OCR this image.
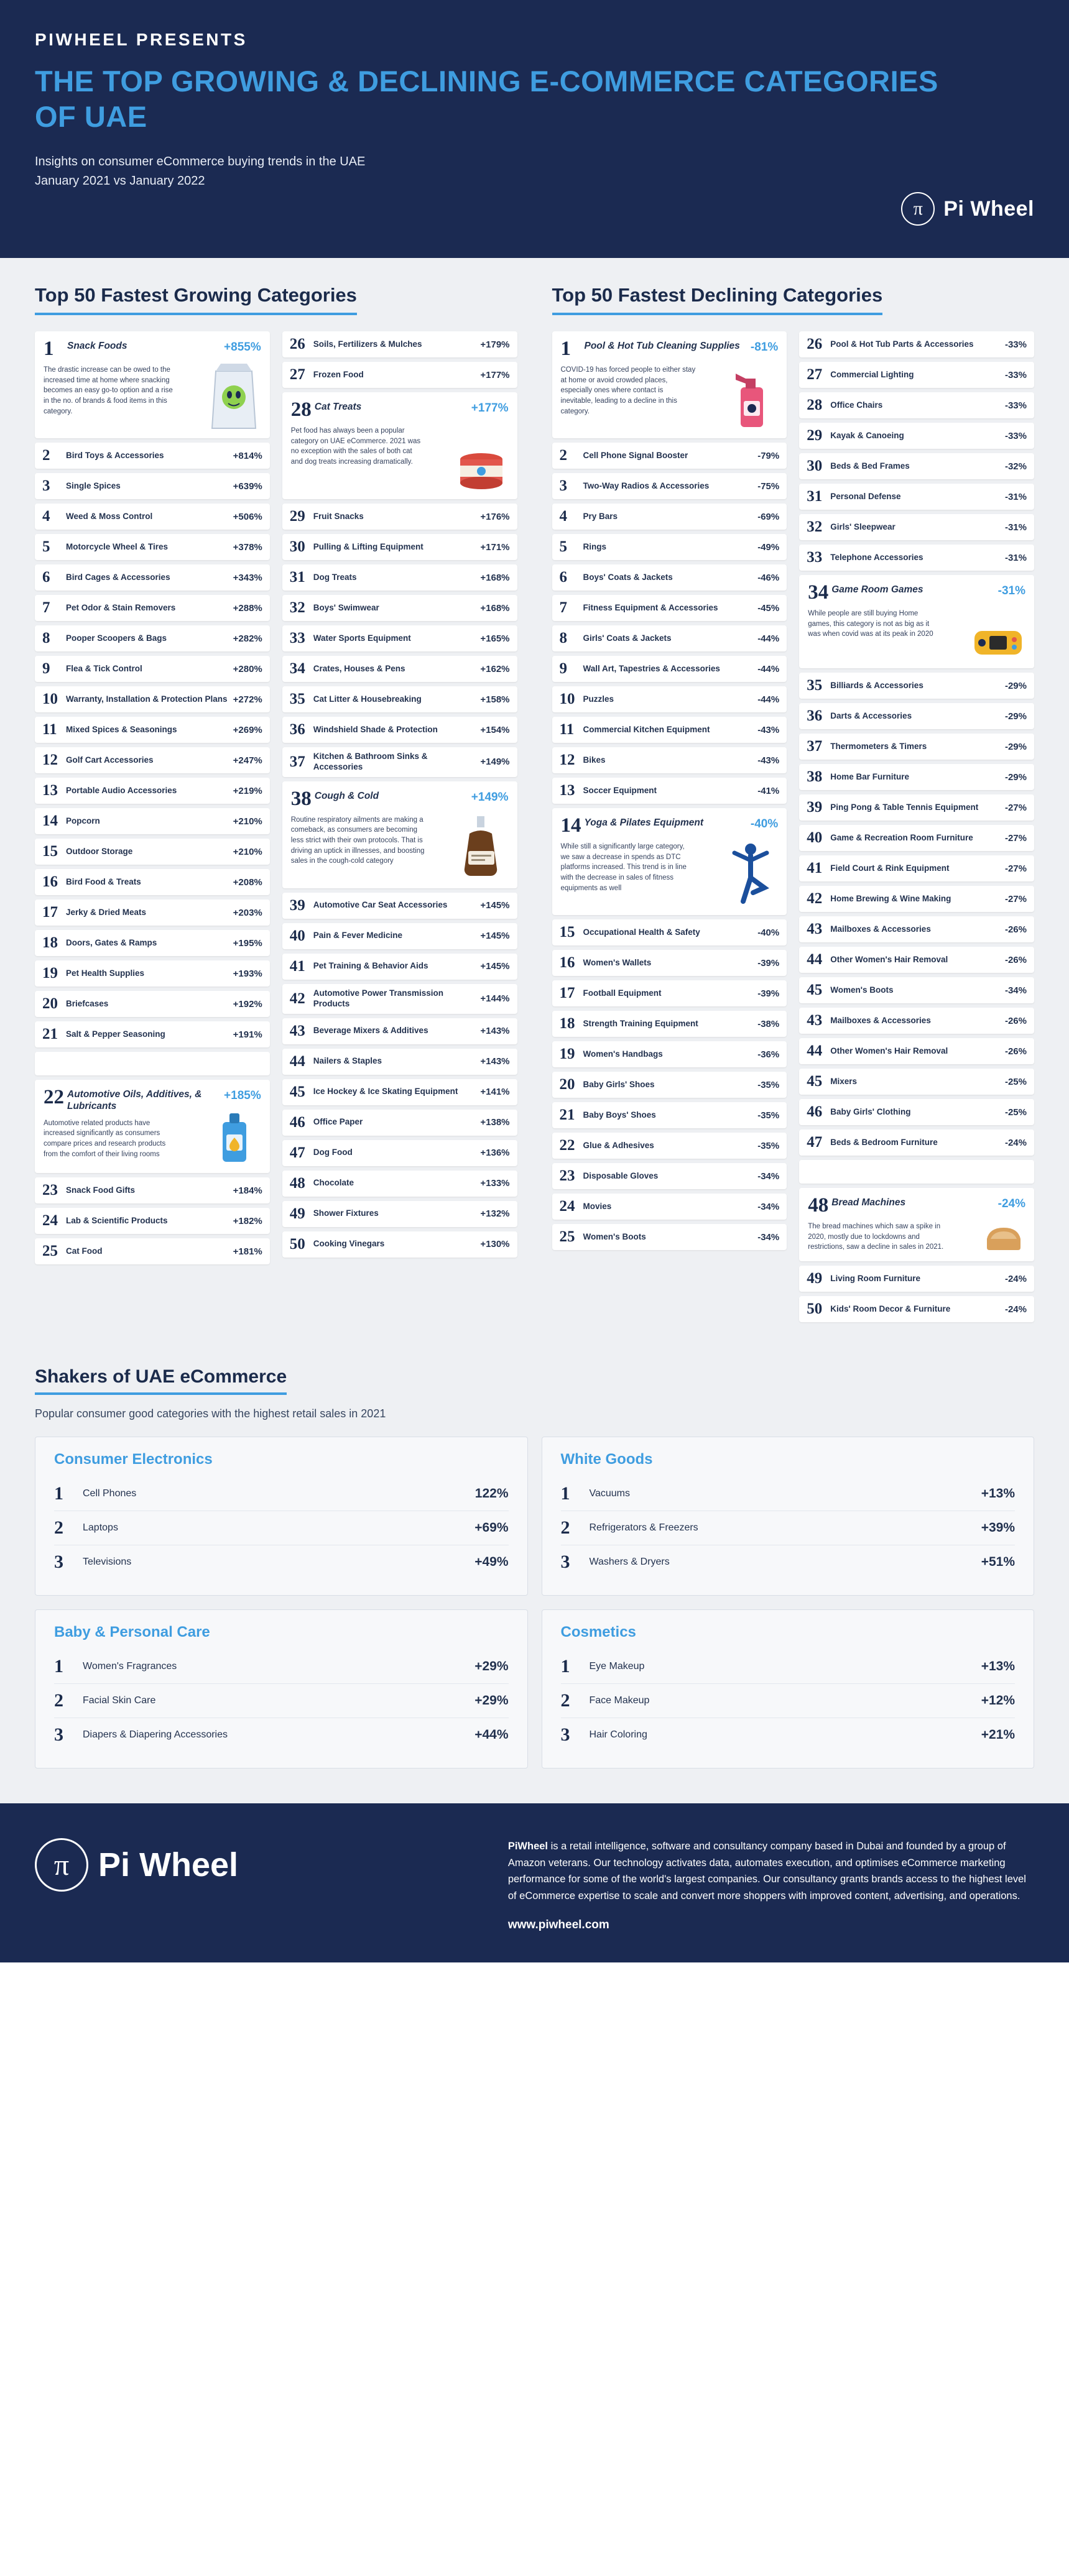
PIWHEEL PRESENTS
THE TOP GROWING & DECLINING E-COMMERCE CATEGORIES OF UAE
Insights on consumer eCommerce buying trends in the UAE
January 2021 vs January 2022
π Pi Wheel
Top 50 Fastest Growing Categories
1	Snack Foods	+855%
The drastic increase can be owed to the increased time at home where snacking becomes an easy go-to option and a rise in the no. of brands & food items in this category.
2	Bird Toys & Accessories	+814%
3	Single Spices	+639%
4	Weed & Moss Control	+506%
5	Motorcycle Wheel & Tires	+378%
6	Bird Cages & Accessories	+343%
7	Pet Odor & Stain Removers	+288%
8	Pooper Scoopers & Bags	+282%
9	Flea & Tick Control	+280%
10 Warranty, Installation & Protection Plans +272%
11	Mixed Spices & Seasonings	+269%
12 Golf Cart Accessories	+247%
13 Portable Audio Accessories	+219%
14 Popcorn	+210%
15 Outdoor Storage	+210%
16 Bird Food & Treats	+208%
17 Jerky & Dried Meats	+203%
18 Doors, Gates & Ramps	+195%
19 Pet Health Supplies	+193%
20 Briefcases	+192%
21 Salt & Pepper Seasoning	+191%
22 Automotive Oils, Additives, & Lubricants
+185%
Automotive related products have increased significantly as consumers compare prices and research products from the comfort of their living rooms
23 Snack Food Gifts	+184%
24 Lab & Scientific Products	+182%
25 Cat Food	+181%
26 Soils, Fertilizers & Mulches	+179%
27 Frozen Food	+177%
28 Cat Treats	+177%
Pet food has always been a popular category on UAE eCommerce. 2021 was no exception with the sales of both cat and dog treats increasing dramatically.
29 Fruit Snacks	+176%
30 Pulling & Lifting Equipment	+171%
31 Dog Treats	+168%
32 Boys' Swimwear	+168%
33 Water Sports Equipment	+165%
34 Crates, Houses & Pens	+162%
35 Cat Litter & Housebreaking	+158%
36 Windshield Shade & Protection	+154%
37 Kitchen & Bathroom Sinks & Accessories	+149%
38 Cough & Cold	+149%
Routine respiratory ailments are making a comeback, as consumers are becoming less strict with their own protocols. That is driving an uptick in illnesses, and boosting sales in the cough-cold category
39 Automotive Car Seat Accessories	+145%
40 Pain & Fever Medicine	+145%
41 Pet Training & Behavior Aids	+145%
42 Automotive Power Transmission Products	+144%
43 Beverage Mixers & Additives	+143%
44 Nailers & Staples	+143%
45 Ice Hockey & Ice Skating Equipment	+141%
46 Office Paper	+138%
47 Dog Food	+136%
48 Chocolate	+133%
49 Shower Fixtures	+132%
50 Cooking Vinegars	+130%
Top 50 Fastest Declining Categories
1	Pool & Hot Tub Cleaning Supplies -81%
COVID-19 has forced people to either stay at home or avoid crowded places, especially ones where contact is inevitable, leading to a decline in this category.
2	Cell Phone Signal Booster	-79%
3	Two-Way Radios & Accessories	-75%
4	Pry Bars	-69%
5	Rings	-49%
6	Boys' Coats & Jackets	-46%
7	Fitness Equipment & Accessories	-45%
8	Girls' Coats & Jackets	-44%
9	Wall Art, Tapestries & Accessories	-44%
10 Puzzles	-44%
11	Commercial Kitchen Equipment	-43%
12 Bikes	-43%
13 Soccer Equipment	-41%
14 Yoga & Pilates Equipment	-40%
While still a significantly large category, we saw a decrease in spends as DTC platforms increased. This trend is in line with the decrease in sales of fitness equipments as well
15 Occupational Health & Safety	-40%
16 Women's Wallets	-39%
17 Football Equipment	-39%
18 Strength Training Equipment	-38%
19 Women's Handbags	-36%
20 Baby Girls' Shoes	-35%
21 Baby Boys' Shoes	-35%
22 Glue & Adhesives	-35%
23 Disposable Gloves	-34%
24 Movies	-34%
25 Women's Boots	-34%
26 Pool & Hot Tub Parts & Accessories	-33%
27 Commercial Lighting	-33%
28 Office Chairs	-33%
29 Kayak & Canoeing	-33%
30 Beds & Bed Frames	-32%
31 Personal Defense	-31%
32 Girls' Sleepwear	-31%
33 Telephone Accessories	-31%
34 Game Room Games	-31%
While people are still buying Home games, this category is not as big as it was when covid was at its peak in 2020
35 Billiards & Accessories	-29%
36 Darts & Accessories	-29%
37 Thermometers & Timers	-29%
38 Home Bar Furniture	-29%
39 Ping Pong & Table Tennis Equipment	-27%
40 Game & Recreation Room Furniture	-27%
41 Field Court & Rink Equipment	-27%
42 Home Brewing & Wine Making	-27%
43 Mailboxes & Accessories	-26%
44 Other Women's Hair Removal	-26%
45 Women's Boots	-34%
43 Mailboxes & Accessories	-26%
44 Other Women's Hair Removal	-26%
45 Mixers	-25%
46 Baby Girls' Clothing	-25%
47 Beds & Bedroom Furniture	-24%
48 Bread Machines	-24%
The bread machines which saw a spike in 2020, mostly due to lockdowns and restrictions, saw a decline in sales in 2021.
49 Living Room Furniture	-24%
50 Kids' Room Decor & Furniture	-24%
Shakers of UAE eCommerce
Popular consumer good categories with the highest retail sales in 2021
Consumer Electronics
1	Cell Phones	122%
2	Laptops	+69%
3	Televisions	+49%
White Goods
1	Vacuums	+13%
2	Refrigerators & Freezers	+39%
3	Washers & Dryers	+51%
Baby & Personal Care
1	Women's Fragrances	+29%
2	Facial Skin Care	+29%
3	Diapers & Diapering Accessories	+44%
Cosmetics
1	Eye Makeup	+13%
2	Face Makeup	+12%
3	Hair Coloring	+21%
π Pi Wheel	PiWheel is a retail intelligence, software and consultancy company based in Dubai and founded by a group of Amazon veterans. Our technology activates data, automates execution, and optimises eCommerce marketing performance for some of the world's largest companies. Our consultancy grants brands access to the highest level of eCommerce expertise to scale and convert more shoppers with improved content, advertising, and operations.
www.piwheel.com
